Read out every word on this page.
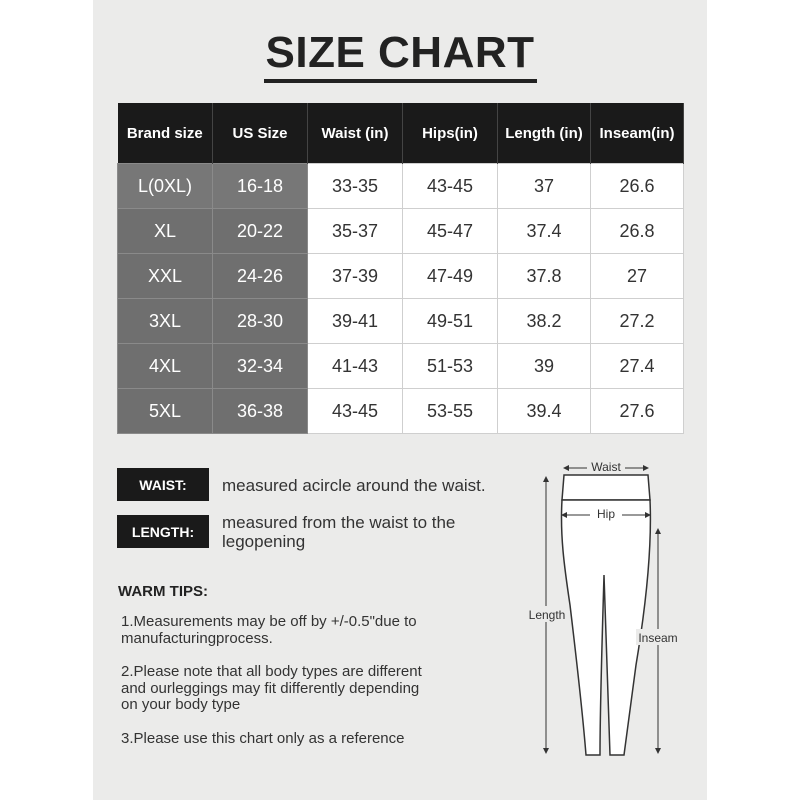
SIZE CHART
Brand size	US Size	Waist (in)	Hips(in)	Length (in)	Inseam(in)
L(0XL)	16-18	33-35	43-45	37	26.6
XL	20-22	35-37	45-47	37.4	26.8
XXL	24-26	37-39	47-49	37.8	27
3XL	28-30	39-41	49-51	38.2	27.2
4XL	32-34	41-43	51-53	39	27.4
5XL	36-38	43-45	53-55	39.4	27.6
WAIST:	measured acircle around the waist.
LENGTH:	measured from the waist to the
legopening
WARM TIPS:
1.Measurements may be off by +/-0.5"due to
manufacturingprocess.
2.Please note that all body types are different
and ourleggings may fit differently depending
on your body type
3.Please use this chart only as a reference
Waist
Hip
Length
Inseam
